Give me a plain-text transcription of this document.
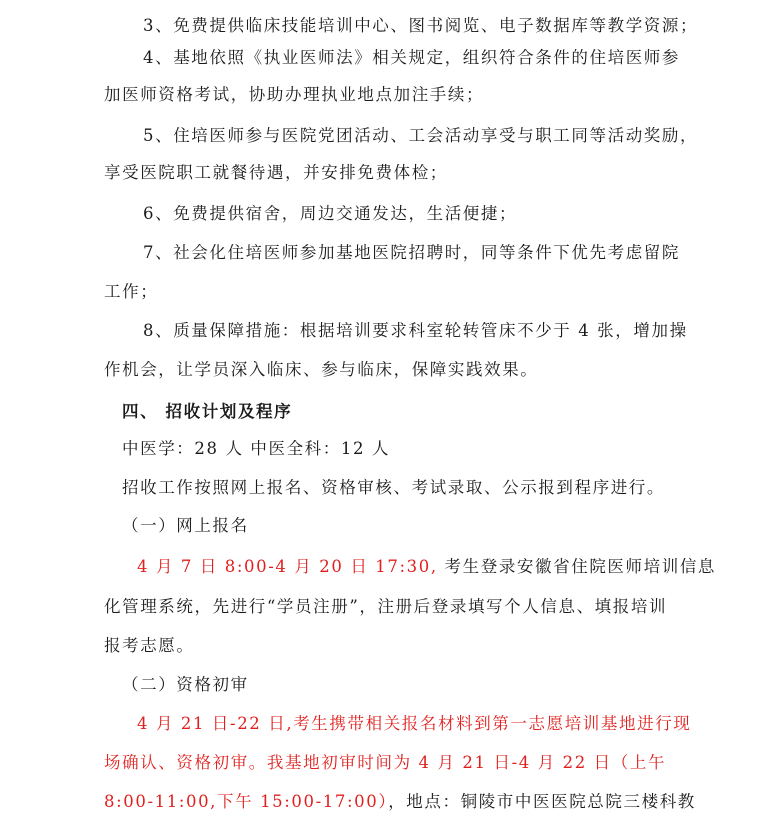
3、免费提供临床技能培训中心、图书阅览、电子数据库等教学资源；
4、基地依照《执业医师法》相关规定，组织符合条件的住培医师参
加医师资格考试，协助办理执业地点加注手续；
5、住培医师参与医院党团活动、工会活动享受与职工同等活动奖励，
享受医院职工就餐待遇，并安排免费体检；
6、免费提供宿舍，周边交通发达，生活便捷；
7、社会化住培医师参加基地医院招聘时，同等条件下优先考虑留院
工作；
8、质量保障措施：根据培训要求科室轮转管床不少于 4 张，增加操
作机会，让学员深入临床、参与临床，保障实践效果。
四、 招收计划及程序
中医学：28 人 中医全科：12 人
招收工作按照网上报名、资格审核、考试录取、公示报到程序进行。
（一）网上报名
4 月 7 日 8:00-4 月 20 日 17:30, 考生登录安徽省住院医师培训信息
化管理系统，先进行“学员注册”，注册后登录填写个人信息、填报培训
报考志愿。
（二）资格初审
4 月 21 日-22 日,考生携带相关报名材料到第一志愿培训基地进行现
场确认、资格初审。我基地初审时间为 4 月 21 日-4 月 22 日（上午
8:00-11:00,下午 15:00-17:00），地点：铜陵市中医医院总院三楼科教
